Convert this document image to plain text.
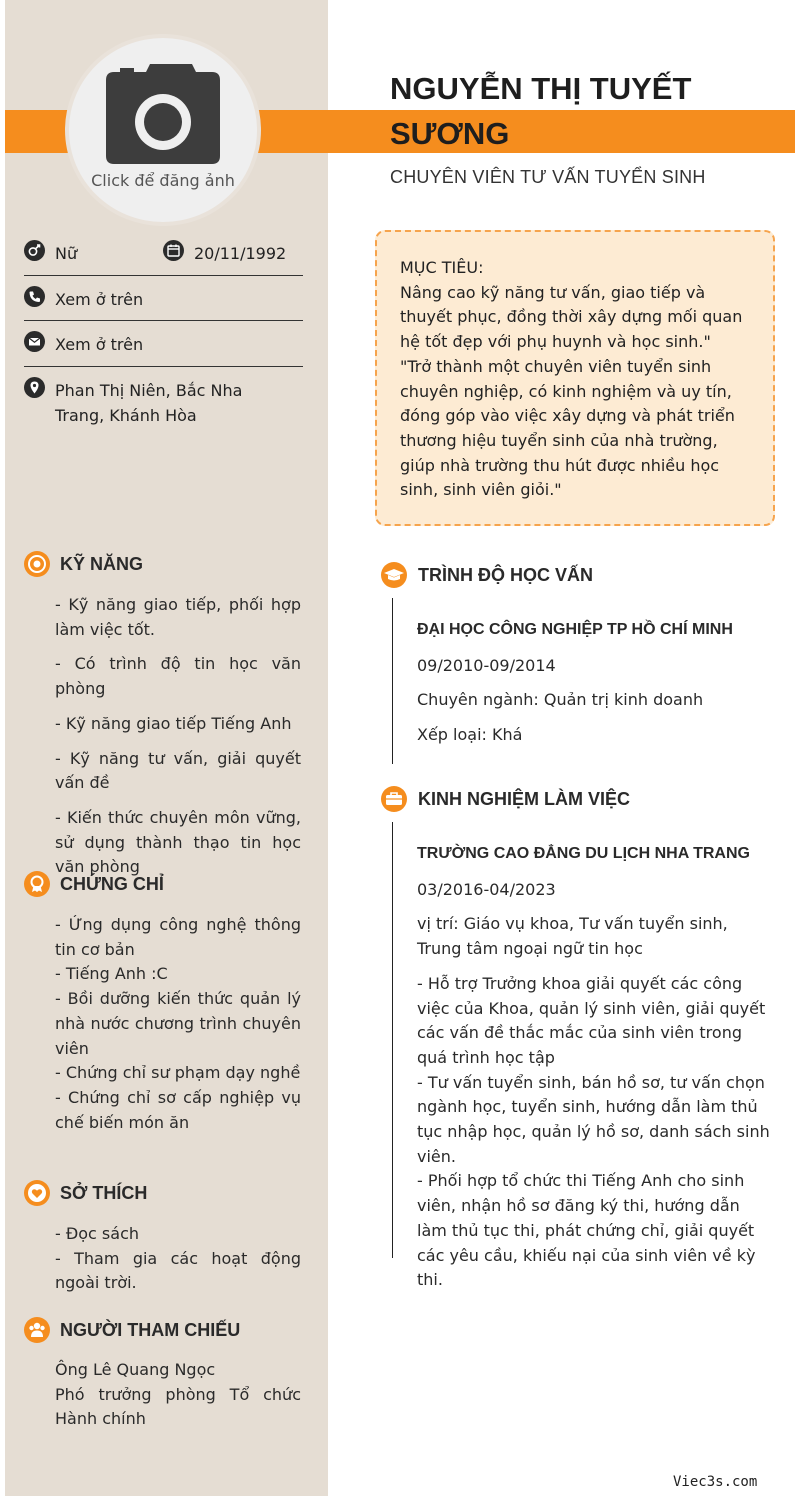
Click để đăng ảnh
NGUYỄN THỊ TUYẾT
SƯƠNG
CHUYÊN VIÊN TƯ VẤN TUYỂN SINH
Nữ	20/11/1992
Xem ở trên
Xem ở trên
Phan Thị Niên, Bắc Nha
Trang, Khánh Hòa
KỸ NĂNG

- Kỹ năng giao tiếp, phối hợp làm việc tốt.

- Có trình độ tin học văn phòng

- Kỹ năng giao tiếp Tiếng Anh

- Kỹ năng tư vấn, giải quyết vấn đề

- Kiến thức chuyên môn vững, sử dụng thành thạo tin học văn phòng

CHỨNG CHỈ

- Ứng dụng công nghệ thông tin cơ bản

- Tiếng Anh :C

- Bồi dưỡng kiến thức quản lý nhà nước chương trình chuyên viên

- Chứng chỉ sư phạm dạy nghề

- Chứng chỉ sơ cấp nghiệp vụ chế biến món ăn

SỞ THÍCH

- Đọc sách

- Tham gia các hoạt động ngoài trời.

NGƯỜI THAM CHIẾU

Ông Lê Quang Ngọc

Phó trưởng phòng Tổ chức Hành chính

MỤC TIÊU:
Nâng cao kỹ năng tư vấn, giao tiếp và thuyết phục, đồng thời xây dựng mối quan hệ tốt đẹp với phụ huynh và học sinh."
"Trở thành một chuyên viên tuyển sinh chuyên nghiệp, có kinh nghiệm và uy tín, đóng góp vào việc xây dựng và phát triển thương hiệu tuyển sinh của nhà trường, giúp nhà trường thu hút được nhiều học sinh, sinh viên giỏi."
TRÌNH ĐỘ HỌC VẤN
ĐẠI HỌC CÔNG NGHIỆP TP HỒ CHÍ MINH
09/2010-09/2014
Chuyên ngành: Quản trị kinh doanh
Xếp loại: Khá
KINH NGHIỆM LÀM VIỆC
TRƯỜNG CAO ĐẲNG DU LỊCH NHA TRANG
03/2016-04/2023
vị trí: Giáo vụ khoa, Tư vấn tuyển sinh, Trung tâm ngoại ngữ tin học
- Hỗ trợ Trưởng khoa giải quyết các công việc của Khoa, quản lý sinh viên, giải quyết các vấn đề thắc mắc của sinh viên trong quá trình học tập
- Tư vấn tuyển sinh, bán hồ sơ, tư vấn chọn ngành học, tuyển sinh, hướng dẫn làm thủ tục nhập học, quản lý hồ sơ, danh sách sinh viên.
- Phối hợp tổ chức thi Tiếng Anh cho sinh viên, nhận hồ sơ đăng ký thi, hướng dẫn làm thủ tục thi, phát chứng chỉ, giải quyết các yêu cầu, khiếu nại của sinh viên về kỳ thi.
Viec3s.com
